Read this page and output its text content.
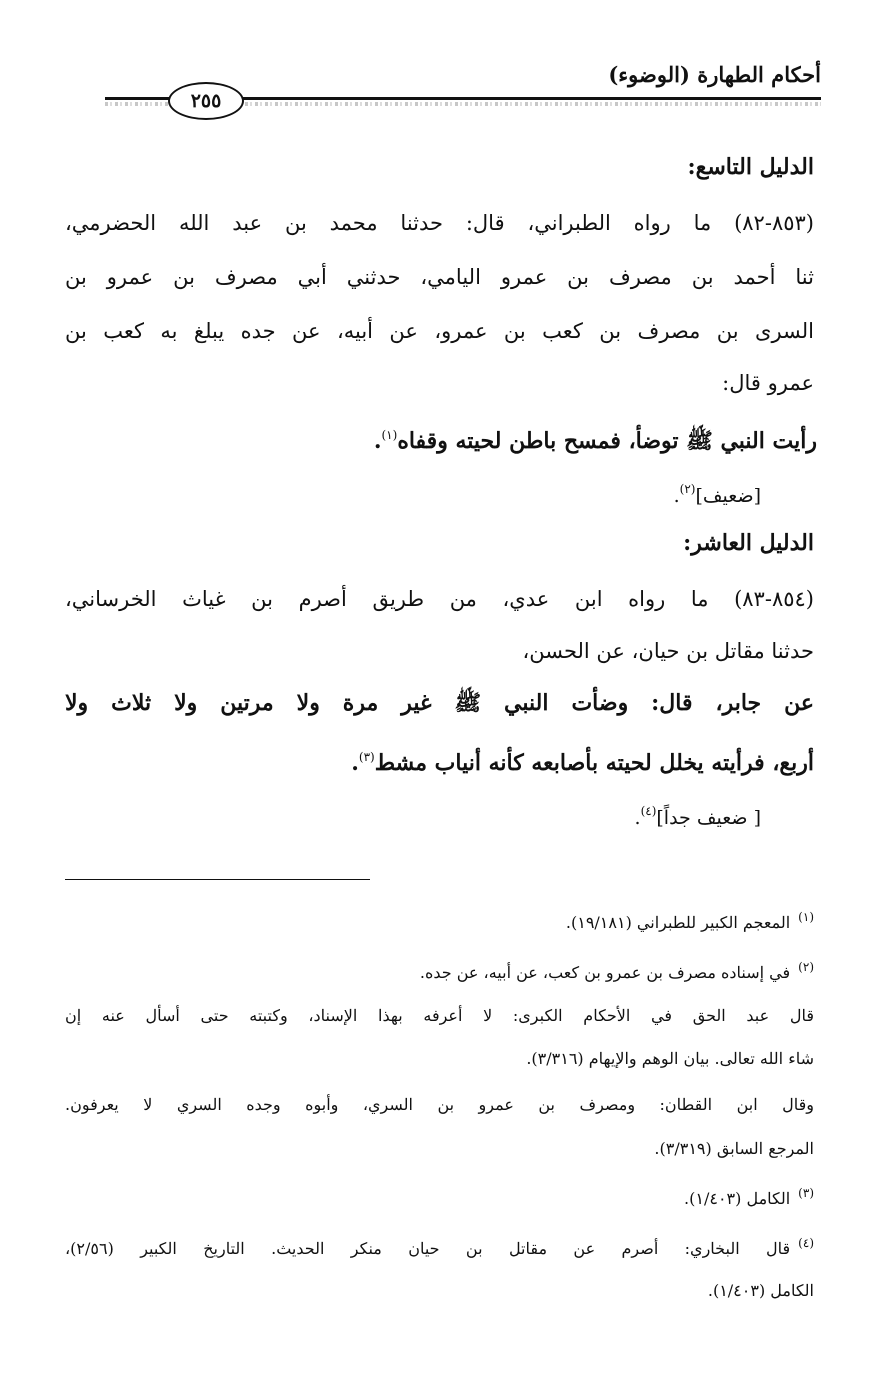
أحكام الطهارة (الوضوء)
٢٥٥
الدليل التاسع:
(٨٥٣-٨٢) ما رواه الطبراني، قال: حدثنا محمد بن عبد الله الحضرمي،
ثنا أحمد بن مصرف بن عمرو اليامي، حدثني أبي مصرف بن عمرو بن
السرى بن مصرف بن كعب بن عمرو، عن أبيه، عن جده يبلغ به كعب بن
عمرو قال:
رأيت النبي ﷺ توضأ، فمسح باطن لحيته وقفاه$^{(١)}$.
[ضعيف]$^{(٢)}$.
الدليل العاشر:
(٨٥٤-٨٣) ما رواه ابن عدي، من طريق أصرم بن غياث الخرساني،
حدثنا مقاتل بن حيان، عن الحسن،
عن جابر، قال: وضأت النبي ﷺ غير مرة ولا مرتين ولا ثلاث ولا
أربع، فرأيته يخلل لحيته بأصابعه كأنه أنياب مشط$^{(٣)}$.
[ ضعيف جداً]$^{(٤)}$.
$^{(١)}$المعجم الكبير للطبراني (١٩/١٨١).
$^{(٢)}$في إسناده مصرف بن عمرو بن كعب، عن أبيه، عن جده.
قال عبد الحق في الأحكام الكبرى: لا أعرفه بهذا الإسناد، وكتبته حتى أسأل عنه إن
شاء الله تعالى. بيان الوهم والإيهام (٣/٣١٦).
وقال ابن القطان: ومصرف بن عمرو بن السري، وأبوه وجده السري لا يعرفون.
المرجع السابق (٣/٣١٩).
$^{(٣)}$الكامل (١/٤٠٣).
$^{(٤)}$قال البخاري: أصرم عن مقاتل بن حيان منكر الحديث. التاريخ الكبير (٢/٥٦)،
الكامل (١/٤٠٣).
